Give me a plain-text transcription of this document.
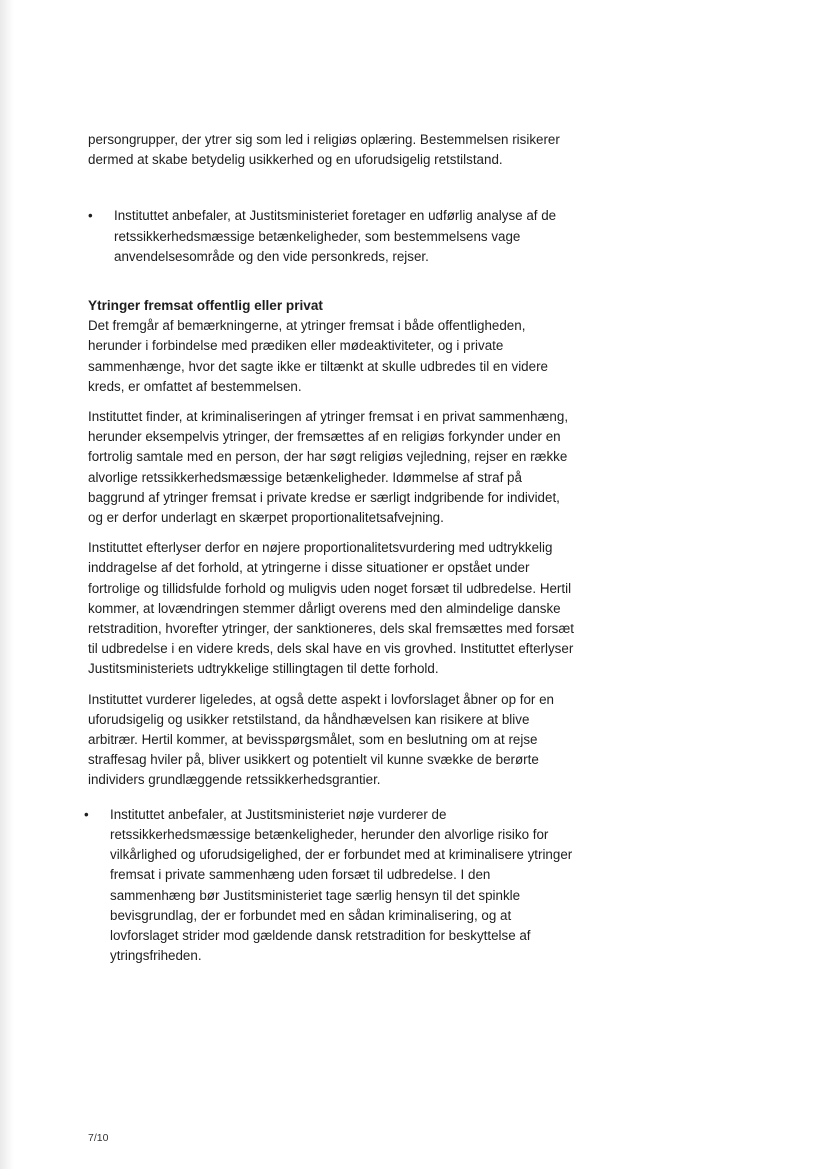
persongrupper, der ytrer sig som led i religiøs oplæring. Bestemmelsen risikerer dermed at skabe betydelig usikkerhed og en uforudsigelig retstilstand.

•	Instituttet anbefaler, at Justitsministeriet foretager en udførlig analyse af de retssikkerhedsmæssige betænkeligheder, som bestemmelsens vage anvendelsesområde og den vide personkreds, rejser.

Ytringer fremsat offentlig eller privat

Det fremgår af bemærkningerne, at ytringer fremsat i både offentligheden, herunder i forbindelse med prædiken eller mødeaktiviteter, og i private sammenhænge, hvor det sagte ikke er tiltænkt at skulle udbredes til en videre kreds, er omfattet af bestemmelsen.

Instituttet finder, at kriminaliseringen af ytringer fremsat i en privat sammenhæng, herunder eksempelvis ytringer, der fremsættes af en religiøs forkynder under en fortrolig samtale med en person, der har søgt religiøs vejledning, rejser en række alvorlige retssikkerhedsmæssige betænkeligheder. Idømmelse af straf på baggrund af ytringer fremsat i private kredse er særligt indgribende for individet, og er derfor underlagt en skærpet proportionalitetsafvejning.

Instituttet efterlyser derfor en nøjere proportionalitetsvurdering med udtrykkelig inddragelse af det forhold, at ytringerne i disse situationer er opstået under fortrolige og tillidsfulde forhold og muligvis uden noget forsæt til udbredelse. Hertil kommer, at lovændringen stemmer dårligt overens med den almindelige danske retstradition, hvorefter ytringer, der sanktioneres, dels skal fremsættes med forsæt til udbredelse i en videre kreds, dels skal have en vis grovhed. Instituttet efterlyser Justitsministeriets udtrykkelige stillingtagen til dette forhold.

Instituttet vurderer ligeledes, at også dette aspekt i lovforslaget åbner op for en uforudsigelig og usikker retstilstand, da håndhævelsen kan risikere at blive arbitrær. Hertil kommer, at bevisspørgsmålet, som en beslutning om at rejse straffesag hviler på, bliver usikkert og potentielt vil kunne svække de berørte individers grundlæggende retssikkerhedsgrantier.

•	Instituttet anbefaler, at Justitsministeriet nøje vurderer de retssikkerhedsmæssige betænkeligheder, herunder den alvorlige risiko for vilkårlighed og uforudsigelighed, der er forbundet med at kriminalisere ytringer fremsat i private sammenhæng uden forsæt til udbredelse. I den sammenhæng bør Justitsministeriet tage særlig hensyn til det spinkle bevisgrundlag, der er forbundet med en sådan kriminalisering, og at lovforslaget strider mod gældende dansk retstradition for beskyttelse af ytringsfriheden.

7/10
